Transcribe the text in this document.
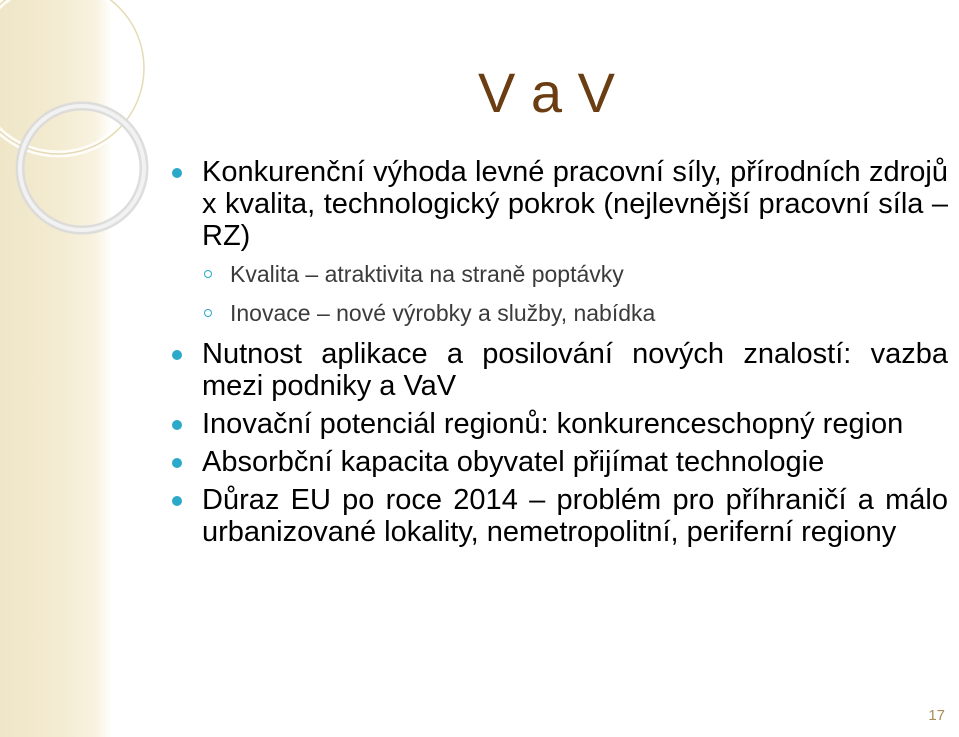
V a V
Konkurenční výhoda levné pracovní síly, přírodních zdrojů x kvalita, technologický pokrok (nejlevnější pracovní síla – RZ)
Kvalita – atraktivita na straně poptávky
Inovace – nové výrobky a služby, nabídka
Nutnost aplikace a posilování nových znalostí: vazba mezi podniky a VaV
Inovační potenciál regionů: konkurenceschopný region
Absorbční kapacita obyvatel přijímat technologie
Důraz EU po roce 2014 – problém pro příhraničí a málo urbanizované lokality, nemetropolitní, periferní regiony
17
